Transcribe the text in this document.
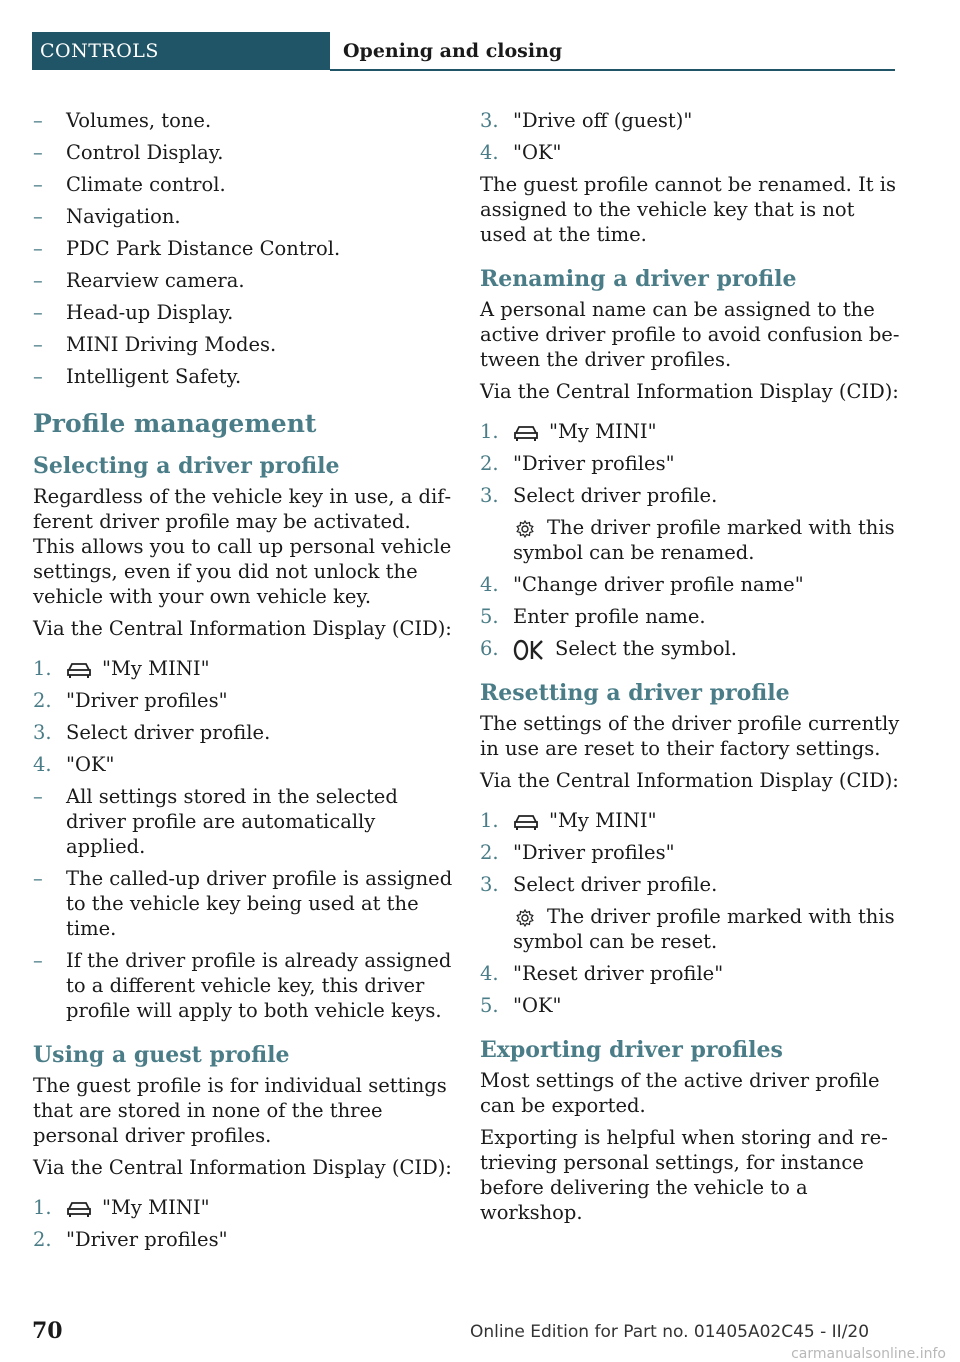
CONTROLS	Opening and closing
– Volumes, tone.
– Control Display.
– Climate control.
– Navigation.
– PDC Park Distance Control.
– Rearview camera.
– Head-up Display.
– MINI Driving Modes.
– Intelligent Safety.
Profile management
Selecting a driver profile

Regardless of the vehicle key in use, a different driver profile may be activated. This allows you to call up personal vehicle settings, even if you did not unlock the vehicle with your own vehicle key.

Via the Central Information Display (CID):

1.	"My MINI"
2. "Driver profiles"
3. Select driver profile.
4. "OK"
– All settings stored in the selected driver profile are automatically applied.
– The called-up driver profile is assigned to the vehicle key being used at the time.
– If the driver profile is already assigned to a different vehicle key, this driver profile will apply to both vehicle keys.
Using a guest profile

The guest profile is for individual settings that are stored in none of the three personal driver profiles.

Via the Central Information Display (CID):

1.	"My MINI"
2. "Driver profiles"
3. "Drive off (guest)"
4. "OK"

The guest profile cannot be renamed. It is assigned to the vehicle key that is not used at the time.

Renaming a driver profile

A personal name can be assigned to the active driver profile to avoid confusion between the driver profiles.

Via the Central Information Display (CID):

1.	"My MINI"
2. "Driver profiles"
3. Select driver profile.
The driver profile marked with this symbol can be renamed.
4. "Change driver profile name"
5. Enter profile name.
6.	Select the symbol.
Resetting a driver profile

The settings of the driver profile currently in use are reset to their factory settings.

Via the Central Information Display (CID):

1.	"My MINI"
2. "Driver profiles"
3. Select driver profile.
The driver profile marked with this symbol can be reset.
4. "Reset driver profile"
5. "OK"
Exporting driver profiles

Most settings of the active driver profile can be exported.

Exporting is helpful when storing and retrieving personal settings, for instance before delivering the vehicle to a workshop.

70	Online Edition for Part no. 01405A02C45 - II/20
carmanualsonline.info
